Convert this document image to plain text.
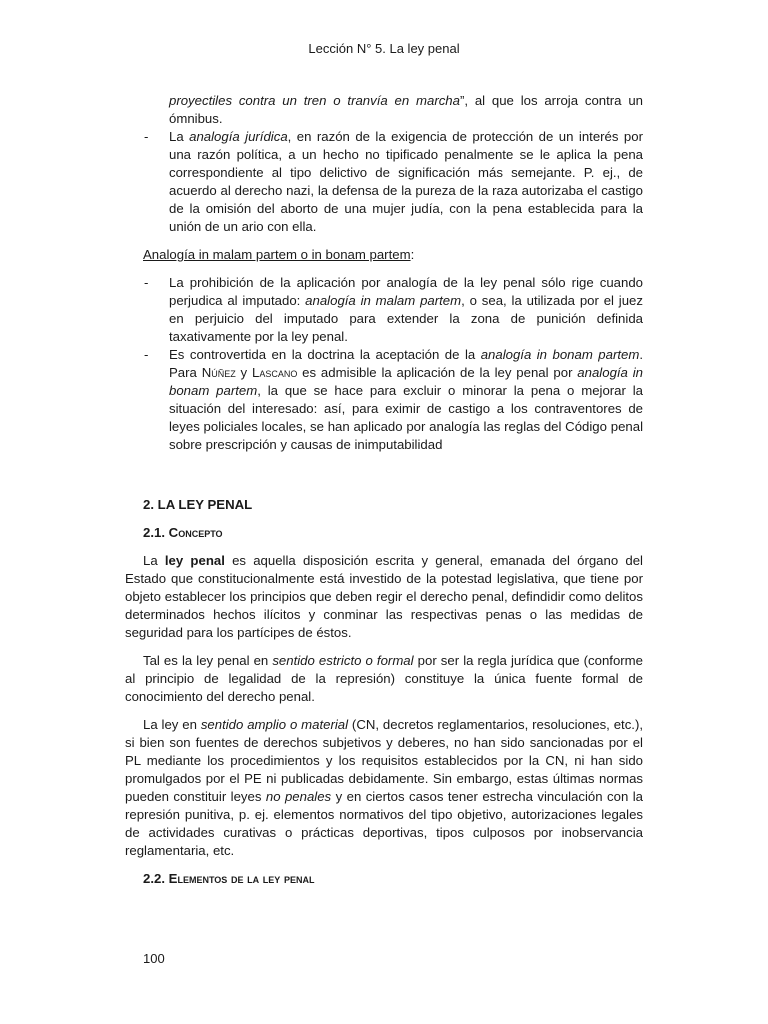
Lección N° 5. La ley penal
proyectiles contra un tren o tranvía en marcha”, al que los arroja contra un ómnibus.
- La analogía jurídica, en razón de la exigencia de protección de un interés por una razón política, a un hecho no tipificado penalmente se le aplica la pena correspondiente al tipo delictivo de significación más semejante. P. ej., de acuerdo al derecho nazi, la defensa de la pureza de la raza autorizaba el castigo de la omisión del aborto de una mujer judía, con la pena establecida para la unión de un ario con ella.
Analogía in malam partem o in bonam partem:
- La prohibición de la aplicación por analogía de la ley penal sólo rige cuando perjudica al imputado: analogía in malam partem, o sea, la utilizada por el juez en perjuicio del imputado para extender la zona de punición definida taxativamente por la ley penal.
- Es controvertida en la doctrina la aceptación de la analogía in bonam partem. Para Núñez y Lascano es admisible la aplicación de la ley penal por analogía in bonam partem, la que se hace para excluir o minorar la pena o mejorar la situación del interesado: así, para eximir de castigo a los contraventores de leyes policiales locales, se han aplicado por analogía las reglas del Código penal sobre prescripción y causas de inimputabilidad
2. LA LEY PENAL
2.1. Concepto
La ley penal es aquella disposición escrita y general, emanada del órgano del Estado que constitucionalmente está investido de la potestad legislativa, que tiene por objeto establecer los principios que deben regir el derecho penal, defindidir como delitos determinados hechos ilícitos y conminar las respectivas penas o las medidas de seguridad para los partícipes de éstos.
Tal es la ley penal en sentido estricto o formal por ser la regla jurídica que (conforme al principio de legalidad de la represión) constituye la única fuente formal de conocimiento del derecho penal.
La ley en sentido amplio o material (CN, decretos reglamentarios, resoluciones, etc.), si bien son fuentes de derechos subjetivos y deberes, no han sido sancionadas por el PL mediante los procedimientos y los requisitos establecidos por la CN, ni han sido promulgados por el PE ni publicadas debidamente. Sin embargo, estas últimas normas pueden constituir leyes no penales y en ciertos casos tener estrecha vinculación con la represión punitiva, p. ej. elementos normativos del tipo objetivo, autorizaciones legales de actividades curativas o prácticas deportivas, tipos culposos por inobservancia reglamentaria, etc.
2.2. Elementos de la ley penal
100
